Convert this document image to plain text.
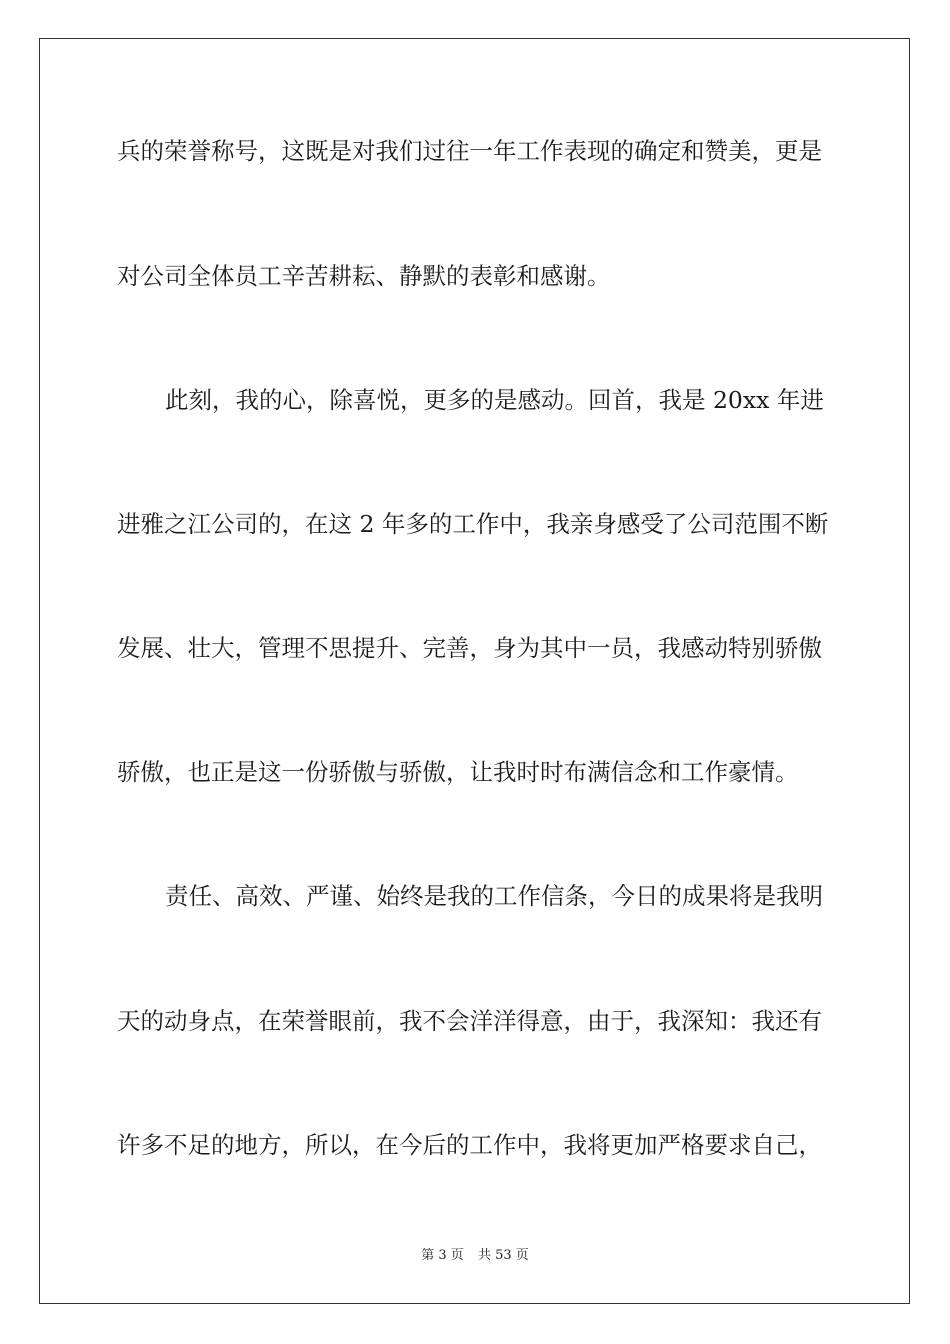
兵的荣誉称号，这既是对我们过往一年工作表现的确定和赞美，更是
对公司全体员工辛苦耕耘、静默的表彰和感谢。
此刻，我的心，除喜悦，更多的是感动。回首，我是 20xx 年进
进雅之江公司的，在这 2 年多的工作中，我亲身感受了公司范围不断
发展、壮大，管理不思提升、完善，身为其中一员，我感动特别骄傲
骄傲，也正是这一份骄傲与骄傲，让我时时布满信念和工作豪情。
责任、高效、严谨、始终是我的工作信条，今日的成果将是我明
天的动身点，在荣誉眼前，我不会洋洋得意，由于，我深知：我还有
许多不足的地方，所以，在今后的工作中，我将更加严格要求自己，
第 3 页 共 53 页
